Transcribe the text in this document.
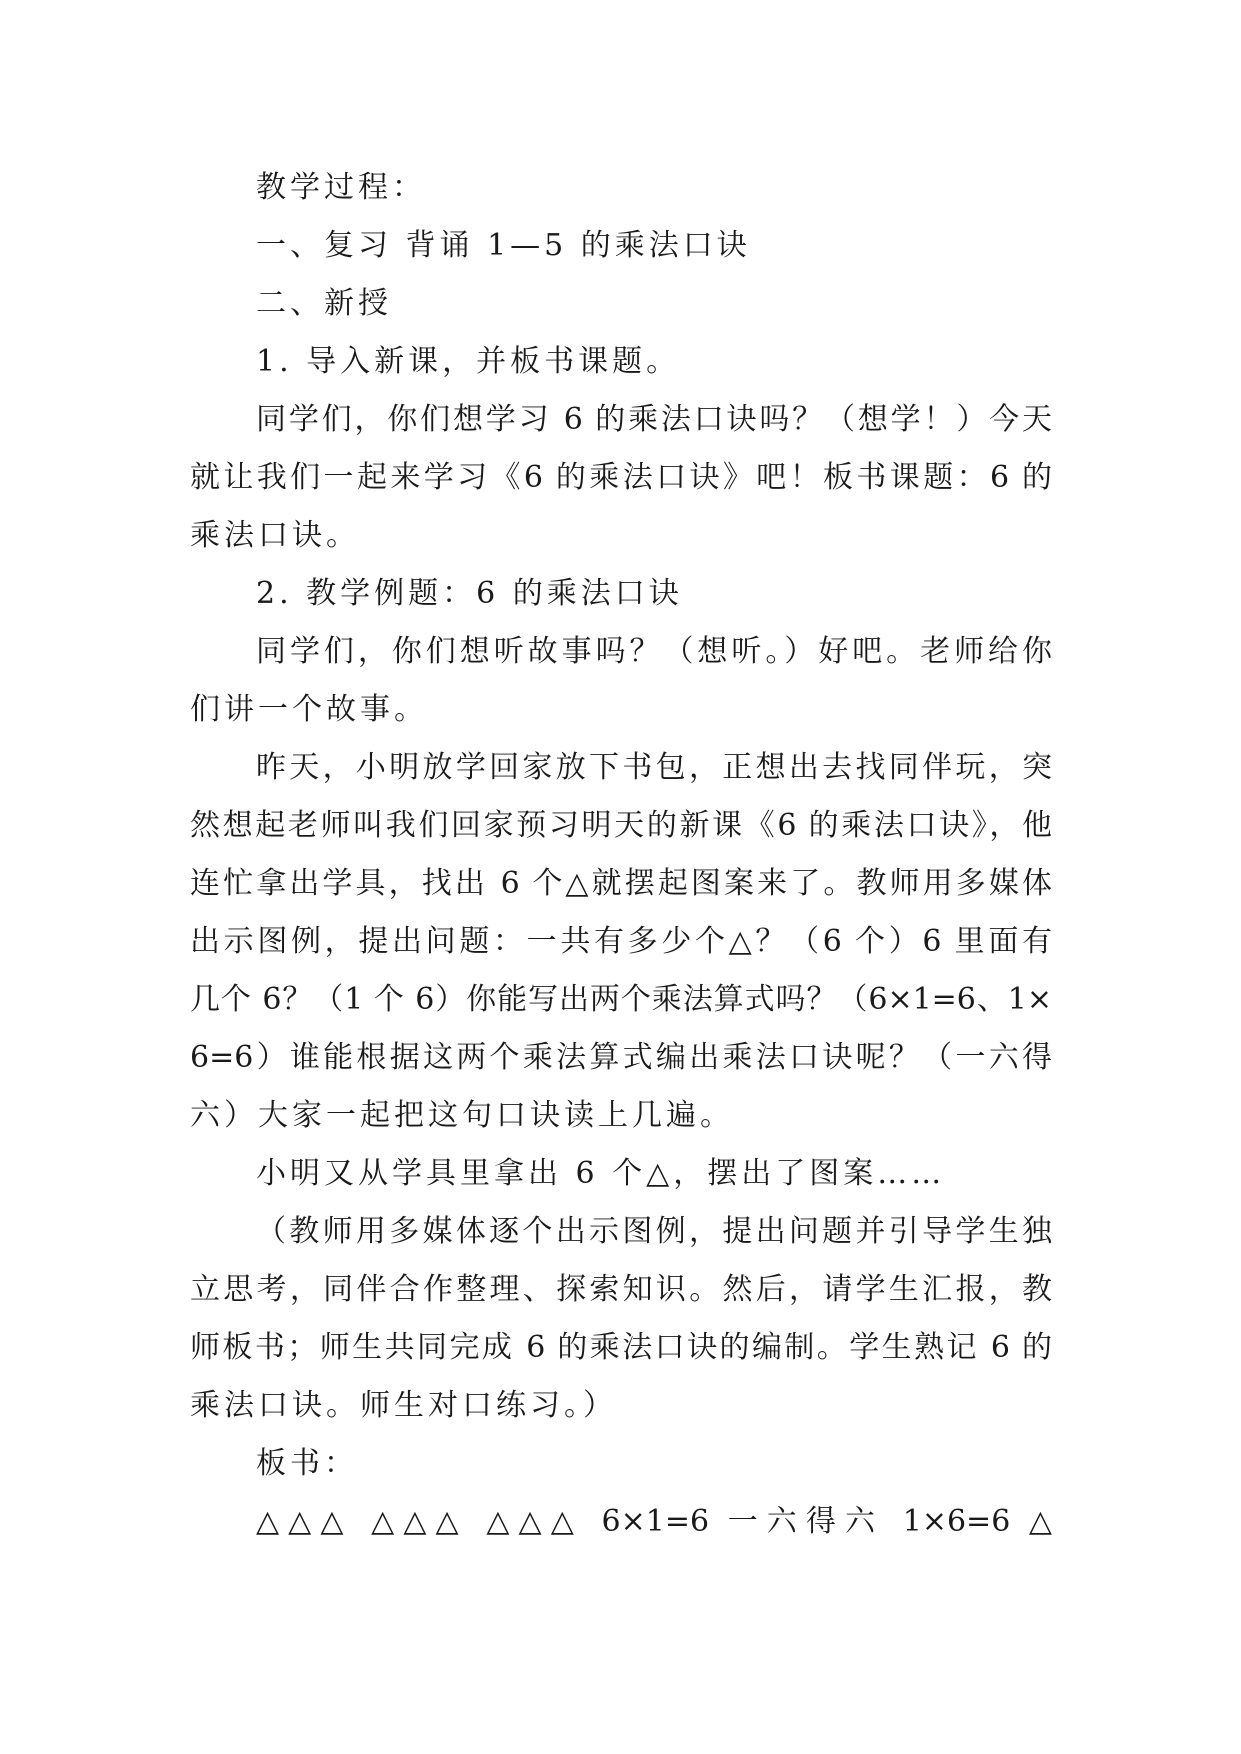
教学过程：
一、复习 背诵 1—5 的乘法口诀
二、新授
1. 导入新课，并板书课题。
同学们，你们想学习 6 的乘法口诀吗？（想学！）今天
就让我们一起来学习《6 的乘法口诀》吧！板书课题：6 的
乘法口诀。
2. 教学例题：6 的乘法口诀
同学们，你们想听故事吗？（想听。）好吧。老师给你
们讲一个故事。
昨天，小明放学回家放下书包，正想出去找同伴玩，突
然想起老师叫我们回家预习明天的新课《6 的乘法口诀》，他
连忙拿出学具，找出 6 个△就摆起图案来了。教师用多媒体
出示图例，提出问题：一共有多少个△？（6 个）6 里面有
几个 6？（1 个 6）你能写出两个乘法算式吗？（6×1=6、1×
6=6）谁能根据这两个乘法算式编出乘法口诀呢？（一六得
六）大家一起把这句口诀读上几遍。
小明又从学具里拿出 6 个△，摆出了图案……
（教师用多媒体逐个出示图例，提出问题并引导学生独
立思考，同伴合作整理、探索知识。然后，请学生汇报，教
师板书；师生共同完成 6 的乘法口诀的编制。学生熟记 6 的
乘法口诀。师生对口练习。）
板书：
△△△ △△△ △△△ 6×1=6 一六得六 1×6=6 △
